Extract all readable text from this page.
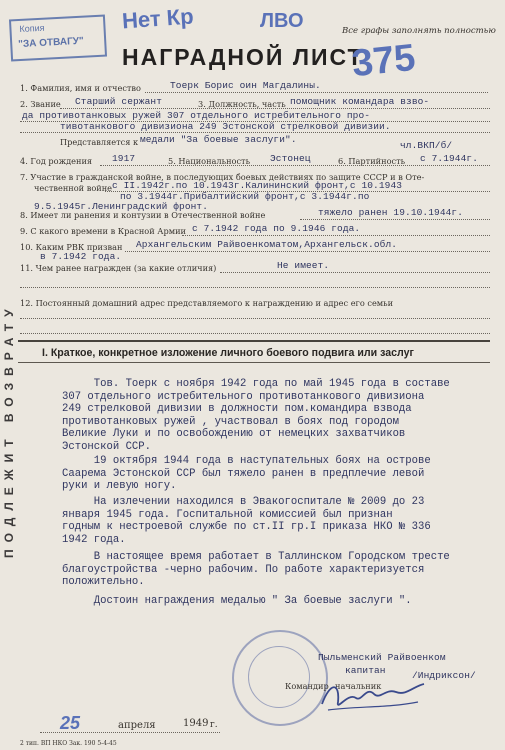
Копия
"ЗА ОТВАГУ"
Нет Кр	ЛВО	Все графы заполнять полностью
НАГРАДНОЙ ЛИСТ
375
ПОДЛЕЖИТ ВОЗВРАТУ
1. Фамилия, имя и отчество	Тоерк Борис оин Магдалины.
2. Звание Старший сержант	3. Должность, часть помощник командара взво-
да противотанковых ружей 307 отдельного истребительного про-
тивотанкового дивизиона 249 Эстонской стрелковой дивизии.
Представляется к медали "За боевые заслуги".
чл.ВКП/б/
4. Год рождения 1917	5. Национальность Эстонец	6. Партийность с 7.1944г.
7. Участие в гражданской войне, в последующих боевых действиях по защите СССР и в Оте-
чественной войне с II.1942г.по 10.1943г.Калининский фронт,с 10.1943
по 3.1944г.Прибалтийский фронт,с 3.1944г.по
9.5.1945г.Ленинградский фронт.
8. Имеет ли ранения и контузии в Отечественной войне	тяжело ранен 19.10.1944г.
9. С какого времени в Красной Армии с 7.1942 года по 9.1946 года.
10. Каким РВК призван Архангельским Райвоенкоматом,Архангельск.обл.
в 7.1942 года.
11. Чем ранее награжден (за какие отличия)	Не имеет.
12. Постоянный домашний адрес представляемого к награждению и адрес его семьи
I. Краткое, конкретное изложение личного боевого подвига или заслуг
Тов. Тоерк с ноября 1942 года по май 1945 года в составе
307 отдельного истребительного противотанкового дивизиона
249 стрелковой дивизии в должности пом.командира взвода
противотанковых ружей , участвовал в боях под городом
Великие Луки и по освобождению от немецких захватчиков
Эстонской ССР.
19 октября 1944 года в наступательных боях на острове
Саарема Эстонской ССР был тяжело ранен в предплечие левой
руки и левую ногу.
На излечении находился в Эвакогоспитале № 2009 до 23
января 1945 года. Госпитальной комиссией был признан
годным к нестроевой службе по ст.II гр.I приказа НКО № 336
1942 года.
В настоящее время работает в Таллинском Городском тресте
благоустройства -черно рабочим. По работе характеризуется
положительно.
Достоин награждения медалью " За боевые заслуги ".
Пыльменский Райвоенком
капитан
Командир начальник
/Индриксон/
25	апреля	1949 г.
2 тип. ВП НКО Зак. 190 5-4-45
